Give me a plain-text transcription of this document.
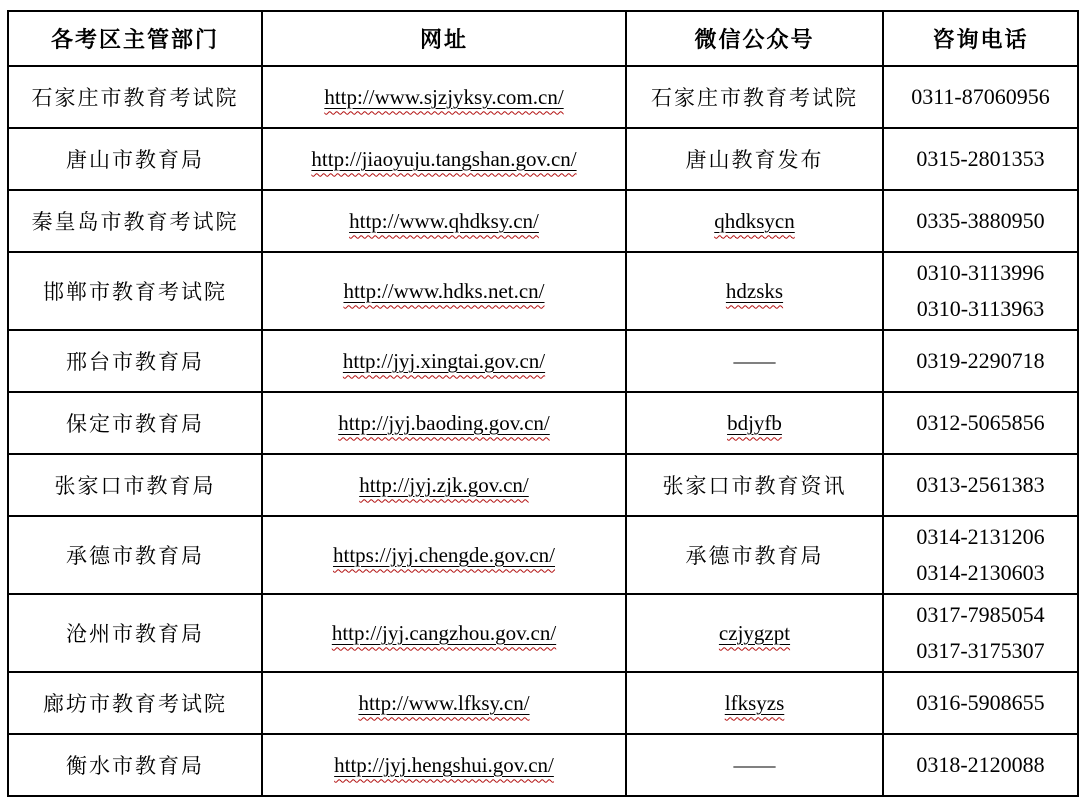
各考区主管部门	网址	微信公众号	咨询电话
石家庄市教育考试院	http://www.sjzjyksy.com.cn/	石家庄市教育考试院	0311-87060956

唐山市教育局	http://jiaoyuju.tangshan.gov.cn/	唐山教育发布	0315-2801353

秦皇岛市教育考试院	http://www.qhdksy.cn/	qhdksycn	0335-3880950

邯郸市教育考试院	http://www.hdks.net.cn/	hdzsks	0310-3113996
0310-3113963

邢台市教育局	http://jyj.xingtai.gov.cn/	——	0319-2290718

保定市教育局	http://jyj.baoding.gov.cn/	bdjyfb	0312-5065856

张家口市教育局	http://jyj.zjk.gov.cn/	张家口市教育资讯	0313-2561383

承德市教育局	https://jyj.chengde.gov.cn/	承德市教育局	0314-2131206
0314-2130603

沧州市教育局	http://jyj.cangzhou.gov.cn/	czjygzpt	0317-7985054
0317-3175307

廊坊市教育考试院	http://www.lfksy.cn/	lfksyzs	0316-5908655

衡水市教育局	http://jyj.hengshui.gov.cn/	——	0318-2120088
